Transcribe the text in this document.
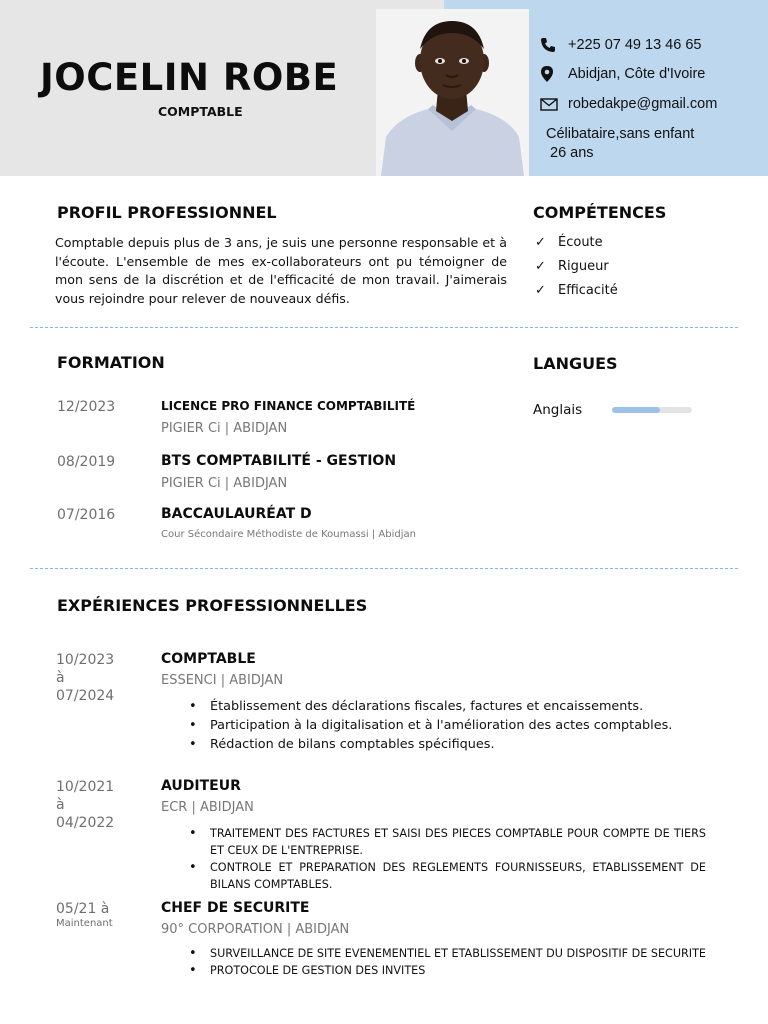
JOCELIN ROBE
COMPTABLE
+225 07 49 13 46 65
Abidjan, Côte d'Ivoire
robedakpe@gmail.com
Célibataire,sans enfant
26 ans
PROFIL PROFESSIONNEL
Comptable depuis plus de 3 ans, je suis une personne responsable et à l'écoute. L'ensemble de mes ex-collaborateurs ont pu témoigner de mon sens de la discrétion et de l'efficacité de mon travail. J'aimerais vous rejoindre pour relever de nouveaux défis.
COMPÉTENCES
✓ Écoute
✓ Rigueur
✓ Efficacité
FORMATION
12/2023	LICENCE PRO FINANCE COMPTABILITÉ
PIGIER Ci | ABIDJAN
08/2019	BTS COMPTABILITÉ - GESTION
PIGIER Ci | ABIDJAN
07/2016	BACCAULAURÉAT D
Cour Sécondaire Méthodiste de Koumassi | Abidjan
LANGUES
Anglais
EXPÉRIENCES PROFESSIONNELLES
10/2023
à
07/2024
COMPTABLE
ESSENCI | ABIDJAN
• Établissement des déclarations fiscales, factures et encaissements.
• Participation à la digitalisation et à l'amélioration des actes comptables.
• Rédaction de bilans comptables spécifiques.
10/2021
à
04/2022
AUDITEUR
ECR | ABIDJAN
• TRAITEMENT DES FACTURES ET SAISI DES PIECES COMPTABLE POUR COMPTE DE TIERS ET CEUX DE L'ENTREPRISE.
• CONTROLE ET PREPARATION DES REGLEMENTS FOURNISSEURS, ETABLISSEMENT DE BILANS COMPTABLES.
05/21 à
Maintenant
CHEF DE SECURITE
90° CORPORATION | ABIDJAN
• SURVEILLANCE DE SITE EVENEMENTIEL ET ETABLISSEMENT DU DISPOSITIF DE SECURITE
• PROTOCOLE DE GESTION DES INVITES
